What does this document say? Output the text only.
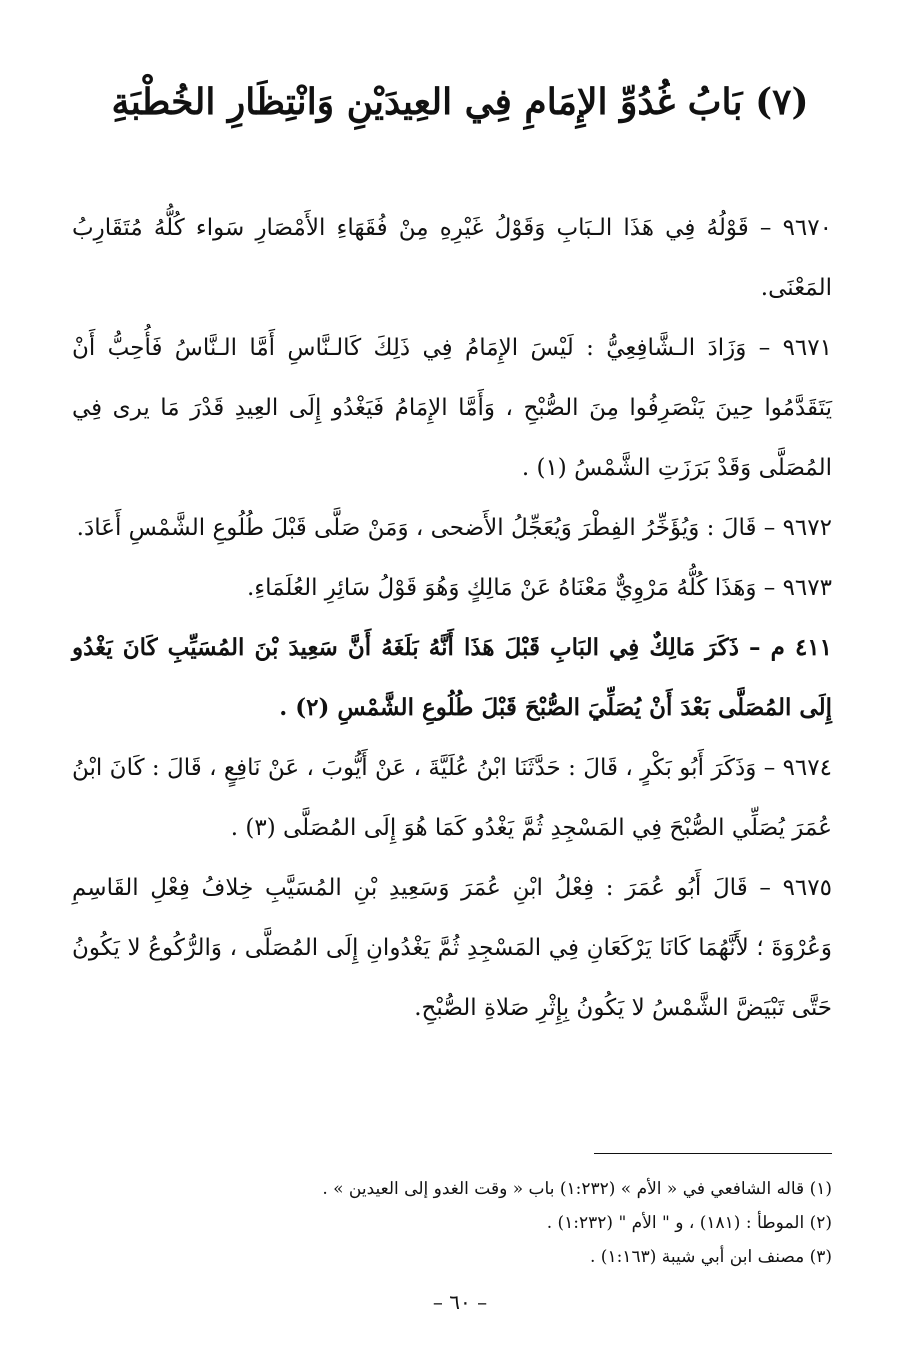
(٧) بَابُ غُدُوِّ الإِمَامِ فِي العِيدَيْنِ وَانْتِظَارِ الخُطْبَةِ

٩٦٧٠ – قَوْلُهُ فِي هَذَا الـبَابِ وَقَوْلُ غَيْرِهِ مِنْ فُقَهَاءِ الأَمْصَارِ سَواء كُلُّهُ مُتَقَارِبُ المَعْنَى.

٩٦٧١ – وَزَادَ الـشَّافِعِيُّ : لَيْسَ الإِمَامُ فِي ذَلِكَ كَالـنَّاسِ أَمَّا الـنَّاسُ فَأُحِبُّ أَنْ يَتَقَدَّمُوا حِينَ يَنْصَرِفُوا مِنَ الصُّبْحِ ، وَأَمَّا الإِمَامُ فَيَغْدُو إِلَى العِيدِ قَدْرَ مَا يرى فِي المُصَلَّى وَقَدْ بَرَزَتِ الشَّمْسُ (١) .

٩٦٧٢ – قَالَ : وَيُؤَخِّرُ الفِطْرَ وَيُعَجِّلُ الأَضحى ، وَمَنْ صَلَّى قَبْلَ طُلُوعِ الشَّمْسِ أَعَادَ.

٩٦٧٣ – وَهَذَا كُلُّهُ مَرْوِيٌّ مَعْنَاهُ عَنْ مَالِكٍ وَهُوَ قَوْلُ سَائِرِ العُلَمَاءِ.

٤١١ م – ذَكَرَ مَالِكٌ فِي البَابِ قَبْلَ هَذَا أَنَّهُ بَلَغَهُ أَنَّ سَعِيدَ بْنَ المُسَيِّبِ كَانَ يَغْدُو إِلَى المُصَلَّى بَعْدَ أَنْ يُصَلِّيَ الصُّبْحَ قَبْلَ طُلُوعِ الشَّمْسِ (٢) .

٩٦٧٤ – وَذَكَرَ أَبُو بَكْرٍ ، قَالَ : حَدَّثَنَا ابْنُ عُلَيَّةَ ، عَنْ أَيُّوبَ ، عَنْ نَافِعٍ ، قَالَ : كَانَ ابْنُ عُمَرَ يُصَلِّي الصُّبْحَ فِي المَسْجِدِ ثُمَّ يَغْدُو كَمَا هُوَ إِلَى المُصَلَّى (٣) .

٩٦٧٥ – قَالَ أَبُو عُمَرَ : فِعْلُ ابْنِ عُمَرَ وَسَعِيدِ بْنِ المُسَيَّبِ خِلافُ فِعْلِ القَاسِمِ وَعُرْوَةَ ؛ لأَنَّهُمَا كَانَا يَرْكَعَانِ فِي المَسْجِدِ ثُمَّ يَغْدُوانِ إِلَى المُصَلَّى ، وَالرُّكُوعُ لا يَكُونُ حَتَّى تَبْيَضَّ الشَّمْسُ لا يَكُونُ بِإِثْرِ صَلاةِ الصُّبْحِ.

(١) قاله الشافعي في « الأم » (١:٢٣٢) باب « وقت الغدو إلى العيدين » .

(٢) الموطأ : (١٨١) ، و " الأم " (١:٢٣٢) .

(٣) مصنف ابن أبي شيبة (١:١٦٣) .

– ٦٠ –
